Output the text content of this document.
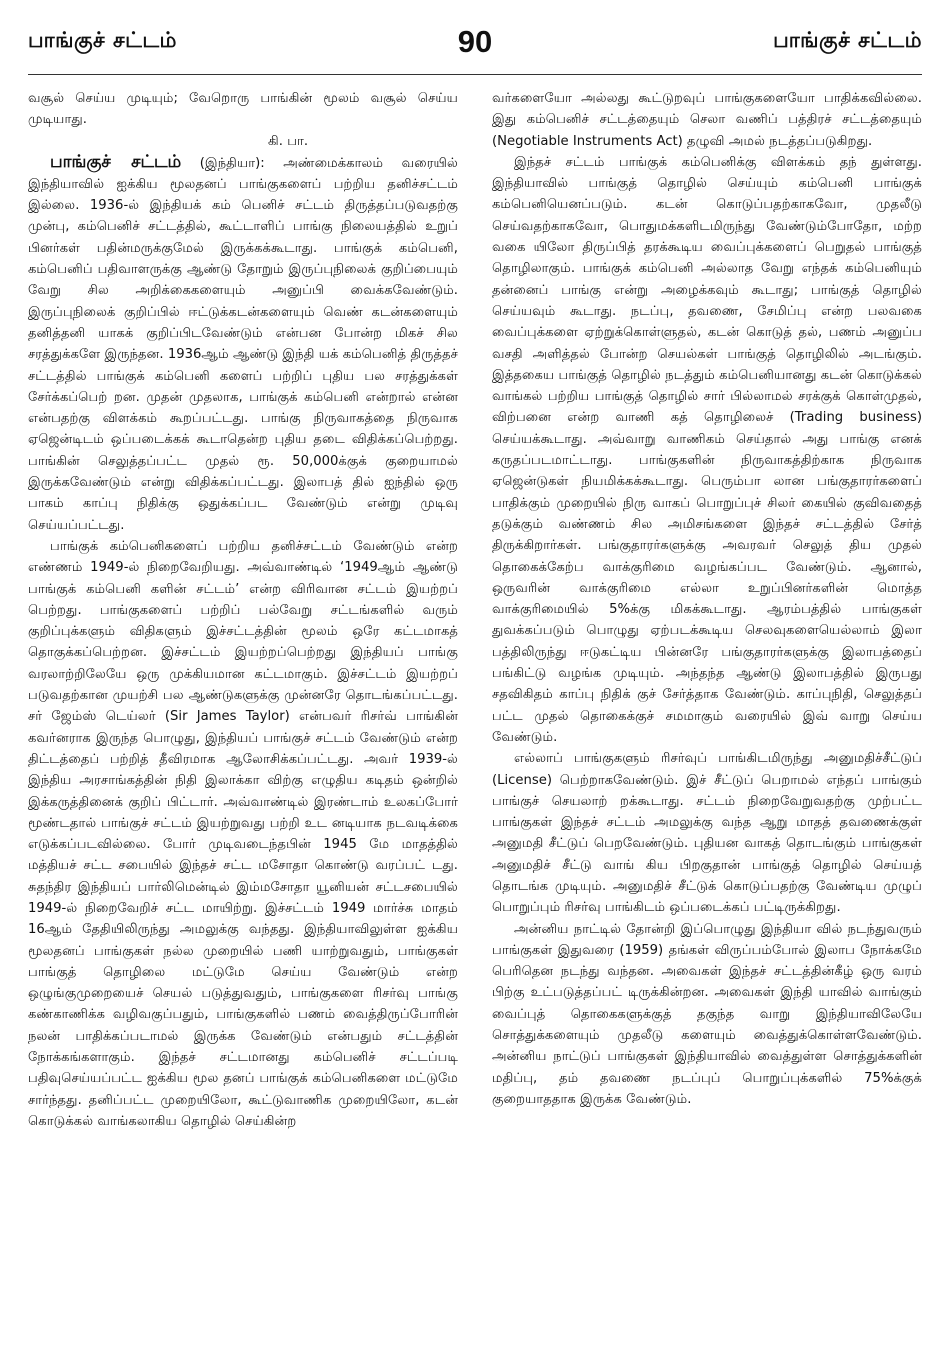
பாங்குச் சட்டம்	90	பாங்குச் சட்டம்

வசூல் செய்ய முடியும்; வேறொரு பாங்கின் மூலம் வசூல் செய்ய முடியாது.

கி. பா.

பாங்குச் சட்டம் (இந்தியா): அண்மைக்காலம் வரையில் இந்தியாவில் ஐக்கிய மூலதனப் பாங்குகளைப் பற்றிய தனிச்சட்டம் இல்லை. 1936-ல் இந்தியக் கம் பெனிச் சட்டம் திருத்தப்படுவதற்கு முன்பு, கம்பெனிச் சட்டத்தில், கூட்டாளிப் பாங்கு நிலையத்தில் உறுப் பினர்கள் பதின்மருக்குமேல் இருக்கக்கூடாது. பாங்குக் கம்பெனி, கம்பெனிப் பதிவாளருக்கு ஆண்டு தோறும் இருப்புநிலைக் குறிப்பையும் வேறு சில அறிக்கைகளையும் அனுப்பி வைக்கவேண்டும். இருப்புநிலைக் குறிப்பில் ஈட்டுக்கடன்களையும் வெண் கடன்களையும் தனித்தனி யாகக் குறிப்பிடவேண்டும் என்பன போன்ற மிகச் சில சரத்துக்களே இருந்தன. 1936ஆம் ஆண்டு இந்தி யக் கம்பெனித் திருத்தச் சட்டத்தில் பாங்குக் கம்பெனி களைப் பற்றிப் புதிய பல சரத்துக்கள் சேர்க்கப்பெற் றன. முதன் முதலாக, பாங்குக் கம்பெனி என்றால் என்ன என்பதற்கு விளக்கம் கூறப்பட்டது. பாங்கு நிருவாகத்தை நிருவாக ஏஜென்டிடம் ஒப்படைக்கக் கூடாதென்ற புதிய தடை விதிக்கப்பெற்றது. பாங்கின் செலுத்தப்பட்ட முதல் ரூ. 50,000க்குக் குறையாமல் இருக்கவேண்டும் என்று விதிக்கப்பட்டது. இலாபத் தில் ஐந்தில் ஒரு பாகம் காப்பு நிதிக்கு ஒதுக்கப்பட வேண்டும் என்று முடிவு செய்யப்பட்டது.

பாங்குக் கம்பெனிகளைப் பற்றிய தனிச்சட்டம் வேண்டும் என்ற எண்ணம் 1949-ல் நிறைவேறியது. அவ்வாண்டில் ‘1949ஆம் ஆண்டு பாங்குக் கம்பெனி களின் சட்டம்’ என்ற விரிவான சட்டம் இயற்றப் பெற்றது. பாங்குகளைப் பற்றிப் பல்வேறு சட்டங்களில் வரும் குறிப்புக்களும் விதிகளும் இச்சட்டத்தின் மூலம் ஒரே கட்டமாகத் தொகுக்கப்பெற்றன. இச்சட்டம் இயற்றப்பெற்றது இந்தியப் பாங்கு வரலாற்றிலேயே ஒரு முக்கியமான கட்டமாகும். இச்சட்டம் இயற்றப் படுவதற்கான முயற்சி பல ஆண்டுகளுக்கு முன்னரே தொடங்கப்பட்டது. சர் ஜேம்ஸ் டெய்லர் (Sir James Taylor) என்பவர் ரிசர்வ் பாங்கின் கவர்னராக இருந்த பொழுது, இந்தியப் பாங்குச் சட்டம் வேண்டும் என்ற திட்டத்தைப் பற்றித் தீவிரமாக ஆலோசிக்கப்பட்டது. அவர் 1939-ல் இந்திய அரசாங்கத்தின் நிதி இலாக்கா விற்கு எழுதிய கடிதம் ஒன்றில் இக்கருத்தினைக் குறிப் பிட்டார். அவ்வாண்டில் இரண்டாம் உலகப்போர் மூண்டதால் பாங்குச் சட்டம் இயற்றுவது பற்றி உட னடியாக நடவடிக்கை எடுக்கப்படவில்லை. போர் முடிவடைந்தபின் 1945 மே மாதத்தில் மத்தியச் சட்ட சபையில் இந்தச் சட்ட மசோதா கொண்டு வரப்பட் டது. சுதந்திர இந்தியப் பார்லிமென்டில் இம்மசோதா யூனியன் சட்டசபையில் 1949-ல் நிறைவேறிச் சட்ட மாயிற்று. இச்சட்டம் 1949 மார்ச்சு மாதம் 16ஆம் தேதியிலிருந்து அமலுக்கு வந்தது. இந்தியாவிலுள்ள ஐக்கிய மூலதனப் பாங்குகள் நல்ல முறையில் பணி யாற்றுவதும், பாங்குகள் பாங்குத் தொழிலை மட்டுமே செய்ய வேண்டும் என்ற ஒழுங்குமுறையைச் செயல் படுத்துவதும், பாங்குகளை ரிசர்வு பாங்கு கண்காணிக்க வழிவகுப்பதும், பாங்குகளில் பணம் வைத்திருப்போரின் நலன் பாதிக்கப்படாமல் இருக்க வேண்டும் என்பதும் சட்டத்தின் நோக்கங்களாகும். இந்தச் சட்டமானது கம்பெனிச் சட்டப்படி பதிவுசெய்யப்பட்ட ஐக்கிய மூல தனப் பாங்குக் கம்பெனிகளை மட்டுமே சார்ந்தது. தனிப்பட்ட முறையிலோ, கூட்டுவாணிக முறையிலோ, கடன் கொடுக்கல் வாங்கலாகிய தொழில் செய்கின்ற

வர்களையோ அல்லது கூட்டுறவுப் பாங்குகளையோ பாதிக்கவில்லை. இது கம்பெனிச் சட்டத்தையும் செலா வணிப் பத்திரச் சட்டத்தையும் (Negotiable Instruments Act) தழுவி அமல் நடத்தப்படுகிறது.

இந்தச் சட்டம் பாங்குக் கம்பெனிக்கு விளக்கம் தந் துள்ளது. இந்தியாவில் பாங்குத் தொழில் செய்யும் கம்பெனி பாங்குக் கம்பெனியெனப்படும். கடன் கொடுப்பதற்காகவோ, முதலீடு செய்வதற்காகவோ, பொதுமக்களிடமிருந்து வேண்டும்போதோ, மற்ற வகை யிலோ திருப்பித் தரக்கூடிய வைப்புக்களைப் பெறுதல் பாங்குத் தொழிலாகும். பாங்குக் கம்பெனி அல்லாத வேறு எந்தக் கம்பெனியும் தன்னைப் பாங்கு என்று அழைக்கவும் கூடாது; பாங்குத் தொழில் செய்யவும் கூடாது. நடப்பு, தவணை, சேமிப்பு என்ற பலவகை வைப்புக்களை ஏற்றுக்கொள்ளுதல், கடன் கொடுத் தல், பணம் அனுப்ப வசதி அளித்தல் போன்ற செயல்கள் பாங்குத் தொழிலில் அடங்கும். இத்தகைய பாங்குத் தொழில் நடத்தும் கம்பெனியானது கடன் கொடுக்கல் வாங்கல் பற்றிய பாங்குத் தொழில் சார் பில்லாமல் சரக்குக் கொள்முதல், விற்பனை என்ற வாணி கத் தொழிலைச் (Trading business) செய்யக்கூடாது. அவ்வாறு வாணிகம் செய்தால் அது பாங்கு எனக் கருதப்படமாட்டாது. பாங்குகளின் நிருவாகத்திற்காக நிருவாக ஏஜென்டுகள் நியமிக்கக்கூடாது. பெரும்பா லான பங்குதாரர்களைப் பாதிக்கும் முறையில் நிரு வாகப் பொறுப்புச் சிலர் கையில் குவிவதைத் தடுக்கும் வண்ணம் சில அமிசங்களை இந்தச் சட்டத்தில் சேர்த் திருக்கிறார்கள். பங்குதாரர்களுக்கு அவரவர் செலுத் திய முதல் தொகைக்கேற்ப வாக்குரிமை வழங்கப்பட வேண்டும். ஆனால், ஒருவரின் வாக்குரிமை எல்லா உறுப்பினர்களின் மொத்த வாக்குரிமையில் 5%க்கு மிகக்கூடாது. ஆரம்பத்தில் பாங்குகள் துவக்கப்படும் பொழுது ஏற்படக்கூடிய செலவுகளையெல்லாம் இலா பத்திலிருந்து ஈடுகட்டிய பின்னரே பங்குதாரர்களுக்கு இலாபத்தைப் பங்கிட்டு வழங்க முடியும். அந்தந்த ஆண்டு இலாபத்தில் இருபது சதவிகிதம் காப்பு நிதிக் குச் சேர்த்தாக வேண்டும். காப்புநிதி, செலுத்தப் பட்ட முதல் தொகைக்குச் சமமாகும் வரையில் இவ் வாறு செய்ய வேண்டும்.

எல்லாப் பாங்குகளும் ரிசர்வுப் பாங்கிடமிருந்து அனுமதிச்சீட்டுப் (License) பெற்றாகவேண்டும். இச் சீட்டுப் பெறாமல் எந்தப் பாங்கும் பாங்குச் செயலாற் றக்கூடாது. சட்டம் நிறைவேறுவதற்கு முற்பட்ட பாங்குகள் இந்தச் சட்டம் அமலுக்கு வந்த ஆறு மாதத் தவணைக்குள் அனுமதி சீட்டுப் பெறவேண்டும். புதியன வாகத் தொடங்கும் பாங்குகள் அனுமதிச் சீட்டு வாங் கிய பிறகுதான் பாங்குத் தொழில் செய்யத் தொடங்க முடியும். அனுமதிச் சீட்டுக் கொடுப்பதற்கு வேண்டிய முழுப் பொறுப்பும் ரிசர்வு பாங்கிடம் ஒப்படைக்கப் பட்டிருக்கிறது.

அன்னிய நாட்டில் தோன்றி இப்பொழுது இந்தியா வில் நடந்துவரும் பாங்குகள் இதுவரை (1959) தங்கள் விருப்பம்போல் இலாப நோக்கமே பெரிதென நடந்து வந்தன. அவைகள் இந்தச் சட்டத்தின்கீழ் ஒரு வரம் பிற்கு உட்படுத்தப்பட் டிருக்கின்றன. அவைகள் இந்தி யாவில் வாங்கும் வைப்புத் தொகைகளுக்குத் தகுந்த வாறு இந்தியாவிலேயே சொத்துக்களையும் முதலீடு களையும் வைத்துக்கொள்ளவேண்டும். அன்னிய நாட்டுப் பாங்குகள் இந்தியாவில் வைத்துள்ள சொத்துக்களின் மதிப்பு, தம் தவணை நடப்புப் பொறுப்புக்களில் 75%க்குக் குறையாததாக இருக்க வேண்டும்.
